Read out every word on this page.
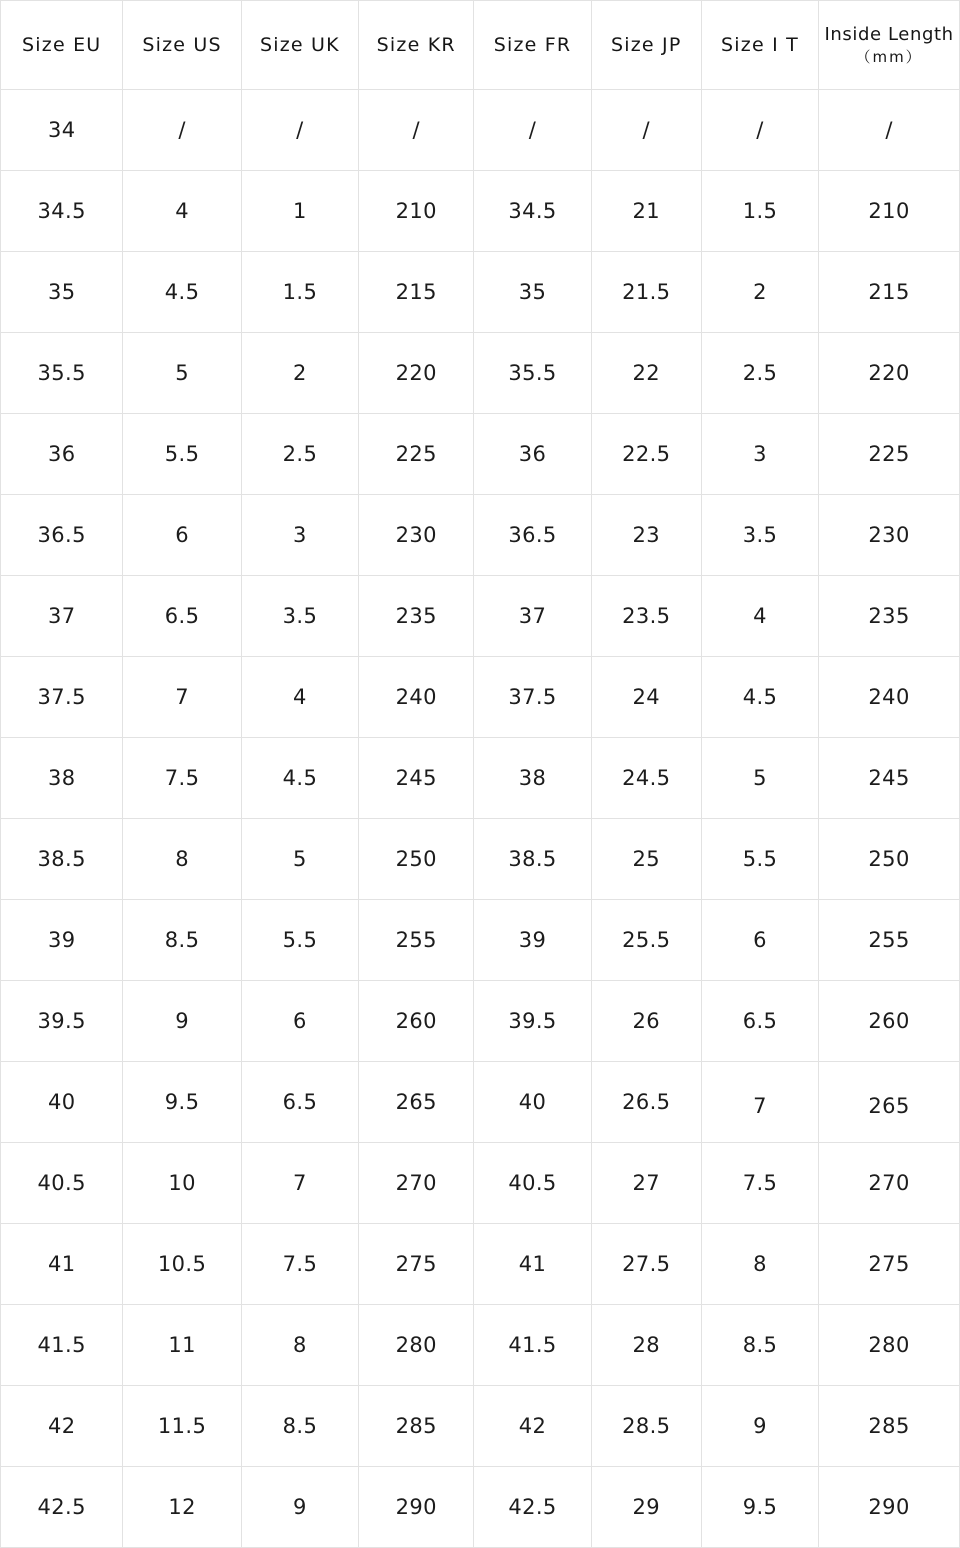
Size EU	Size US	Size UK	Size KR	Size FR	Size JP	Size I T	Inside Length
（mm）

34	/	/	/	/	/	/	/
34.5	4	1	210	34.5	21	1.5	210
35	4.5	1.5	215	35	21.5	2	215
35.5	5	2	220	35.5	22	2.5	220
36	5.5	2.5	225	36	22.5	3	225
36.5	6	3	230	36.5	23	3.5	230
37	6.5	3.5	235	37	23.5	4	235
37.5	7	4	240	37.5	24	4.5	240
38	7.5	4.5	245	38	24.5	5	245
38.5	8	5	250	38.5	25	5.5	250
39	8.5	5.5	255	39	25.5	6	255
39.5	9	6	260	39.5	26	6.5	260
40	9.5	6.5	265	40	26.5	7	265
40.5	10	7	270	40.5	27	7.5	270
41	10.5	7.5	275	41	27.5	8	275
41.5	11	8	280	41.5	28	8.5	280
42	11.5	8.5	285	42	28.5	9	285
42.5	12	9	290	42.5	29	9.5	290
